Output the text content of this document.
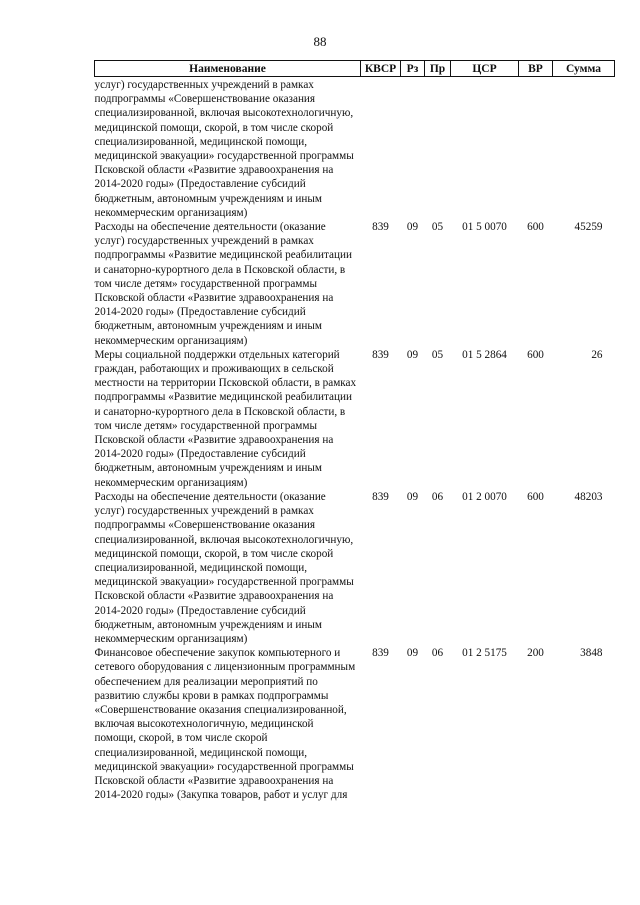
88
Наименование	КВСР	Рз	Пр	ЦСР	ВР	Сумма
услуг) государственных учреждений в рамках подпрограммы «Совершенствование оказания специализированной, включая высокотехнологичную, медицинской помощи, скорой, в том числе скорой специализированной, медицинской помощи, медицинской эвакуации» государственной программы Псковской области «Развитие здравоохранения на 2014-2020 годы» (Предоставление субсидий бюджетным, автономным учреждениям и иным некоммерческим организациям)						
Расходы на обеспечение деятельности (оказание услуг) государственных учреждений в рамках подпрограммы «Развитие медицинской реабилитации и санаторно-курортного дела в Псковской области, в том числе детям» государственной программы Псковской области «Развитие здравоохранения на 2014-2020 годы» (Предоставление субсидий бюджетным, автономным учреждениям и иным некоммерческим организациям)	839	09	05	01 5 0070	600	45259
Меры социальной поддержки отдельных категорий граждан, работающих и проживающих в сельской местности на территории Псковской области, в рамках подпрограммы «Развитие медицинской реабилитации и санаторно-курортного дела в Псковской области, в том числе детям» государственной программы Псковской области «Развитие здравоохранения на 2014-2020 годы» (Предоставление субсидий бюджетным, автономным учреждениям и иным некоммерческим организациям)	839	09	05	01 5 2864	600	26
Расходы на обеспечение деятельности (оказание услуг) государственных учреждений в рамках подпрограммы «Совершенствование оказания специализированной, включая высокотехнологичную, медицинской помощи, скорой, в том числе скорой специализированной, медицинской помощи, медицинской эвакуации» государственной программы Псковской области «Развитие здравоохранения на 2014-2020 годы» (Предоставление субсидий бюджетным, автономным учреждениям и иным некоммерческим организациям)	839	09	06	01 2 0070	600	48203
Финансовое обеспечение закупок компьютерного и сетевого оборудования с лицензионным программным обеспечением для реализации мероприятий по развитию службы крови в рамках подпрограммы «Совершенствование оказания специализированной, включая высокотехнологичную, медицинской помощи, скорой, в том числе скорой специализированной, медицинской помощи, медицинской эвакуации» государственной программы Псковской области «Развитие здравоохранения на 2014-2020 годы» (Закупка товаров, работ и услуг для	839	09	06	01 2 5175	200	3848
